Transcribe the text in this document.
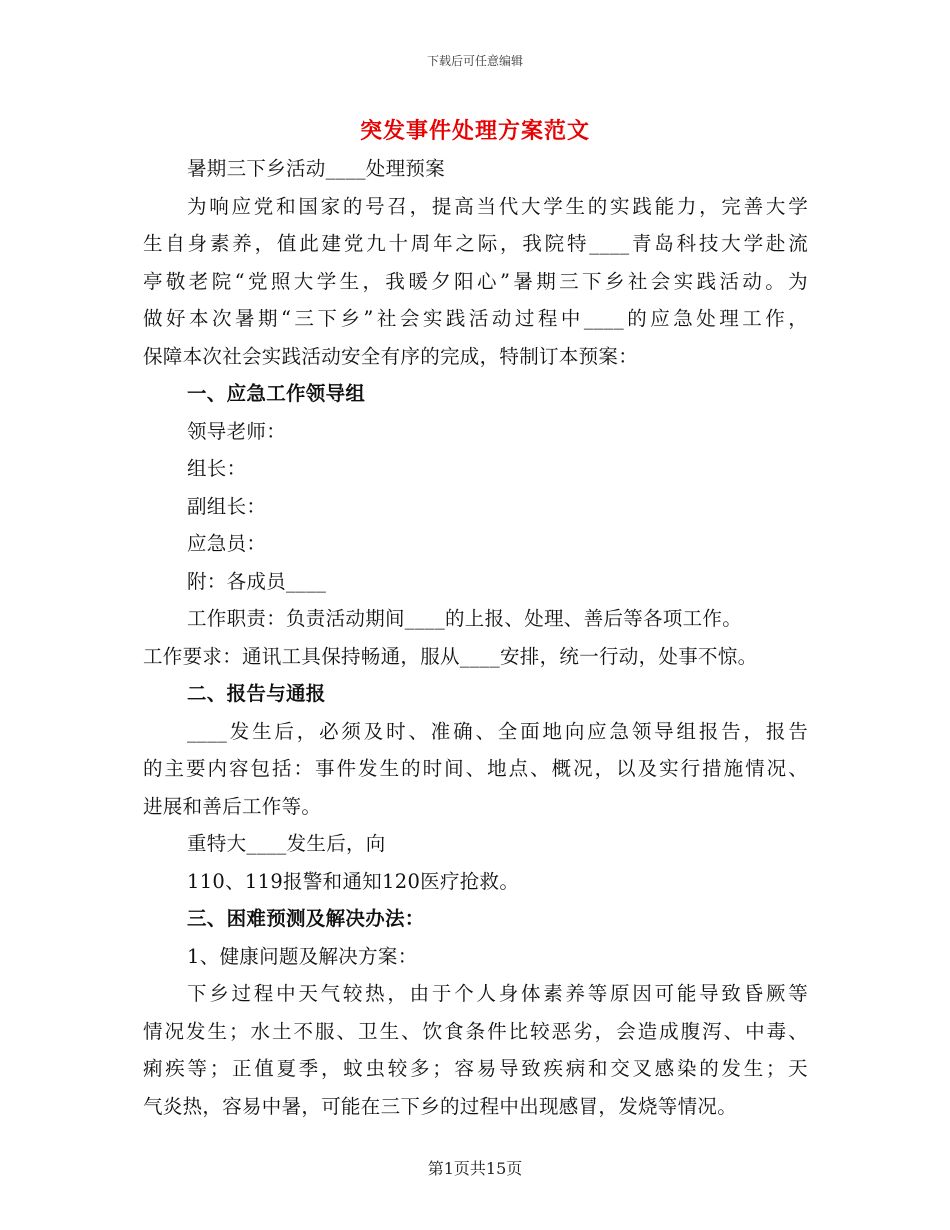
下载后可任意编辑
突发事件处理方案范文
暑期三下乡活动____处理预案
为响应党和国家的号召，提高当代大学生的实践能力，完善大学
生自身素养，值此建党九十周年之际，我院特____青岛科技大学赴流
亭敬老院“党照大学生，我暖夕阳心”暑期三下乡社会实践活动。为
做好本次暑期“三下乡”社会实践活动过程中____的应急处理工作，
保障本次社会实践活动安全有序的完成，特制订本预案：
一、应急工作领导组
领导老师：
组长：
副组长：
应急员：
附：各成员____
工作职责：负责活动期间____的上报、处理、善后等各项工作。
工作要求：通讯工具保持畅通，服从____安排，统一行动，处事不惊。
二、报告与通报
____发生后，必须及时、准确、全面地向应急领导组报告，报告
的主要内容包括：事件发生的时间、地点、概况，以及实行措施情况、
进展和善后工作等。
重特大____发生后，向
110、119报警和通知120医疗抢救。
三、困难预测及解决办法：
1、健康问题及解决方案：
下乡过程中天气较热，由于个人身体素养等原因可能导致昏厥等
情况发生；水土不服、卫生、饮食条件比较恶劣，会造成腹泻、中毒、
痢疾等；正值夏季，蚊虫较多；容易导致疾病和交叉感染的发生；天
气炎热，容易中暑，可能在三下乡的过程中出现感冒，发烧等情况。
第1页共15页
